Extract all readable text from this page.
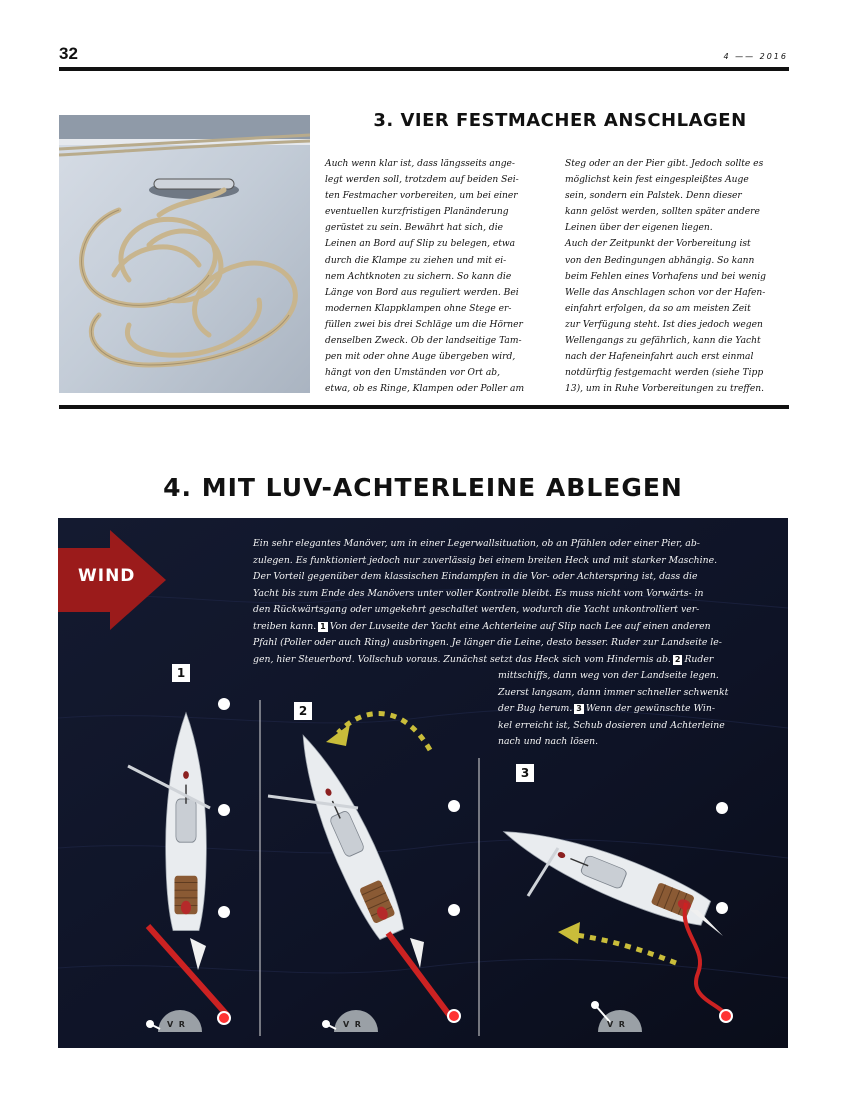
32	4 —— 2016
3. VIER FESTMACHER ANSCHLAGEN

Auch wenn klar ist, dass längsseits ange-

legt werden soll, trotzdem auf beiden Sei-

ten Festmacher vorbereiten, um bei einer

eventuellen kurzfristigen Planänderung

gerüstet zu sein. Bewährt hat sich, die

Leinen an Bord auf Slip zu belegen, etwa

durch die Klampe zu ziehen und mit ei-

nem Achtknoten zu sichern. So kann die

Länge von Bord aus reguliert werden. Bei

modernen Klappklampen ohne Stege er-

füllen zwei bis drei Schläge um die Hörner

denselben Zweck. Ob der landseitige Tam-

pen mit oder ohne Auge übergeben wird,

hängt von den Umständen vor Ort ab,

etwa, ob es Ringe, Klampen oder Poller am

Steg oder an der Pier gibt. Jedoch sollte es

möglichst kein fest eingespleißtes Auge

sein, sondern ein Palstek. Denn dieser

kann gelöst werden, sollten später andere

Leinen über der eigenen liegen.

Auch der Zeitpunkt der Vorbereitung ist

von den Bedingungen abhängig. So kann

beim Fehlen eines Vorhafens und bei wenig

Welle das Anschlagen schon vor der Hafen-

einfahrt erfolgen, da so am meisten Zeit

zur Verfügung steht. Ist dies jedoch wegen

Wellengangs zu gefährlich, kann die Yacht

nach der Hafeneinfahrt auch erst einmal

notdürftig festgemacht werden (siehe Tipp

13), um in Ruhe Vorbereitungen zu treffen.

4. MIT LUV-ACHTERLEINE ABLEGEN
V R	V R	V R
WIND
1
2
3
Ein sehr elegantes Manöver, um in einer Legerwallsituation, ob an Pfählen oder einer Pier, ab-
zulegen. Es funktioniert jedoch nur zuverlässig bei einem breiten Heck und mit starker Maschine.
Der Vorteil gegenüber dem klassischen Eindampfen in die Vor- oder Achterspring ist, dass die
Yacht bis zum Ende des Manövers unter voller Kontrolle bleibt. Es muss nicht vom Vorwärts- in
den Rückwärtsgang oder umgekehrt geschaltet werden, wodurch die Yacht unkontrolliert ver-
treiben kann. 1 Von der Luvseite der Yacht eine Achterleine auf Slip nach Lee auf einen anderen
Pfahl (Poller oder auch Ring) ausbringen. Je länger die Leine, desto besser. Ruder zur Landseite le-
gen, hier Steuerbord. Vollschub voraus. Zunächst setzt das Heck sich vom Hindernis ab. 2 Ruder
mittschiffs, dann weg von der Landseite legen.
Zuerst langsam, dann immer schneller schwenkt
der Bug herum. 3 Wenn der gewünschte Win-
kel erreicht ist, Schub dosieren und Achterleine
nach und nach lösen.
